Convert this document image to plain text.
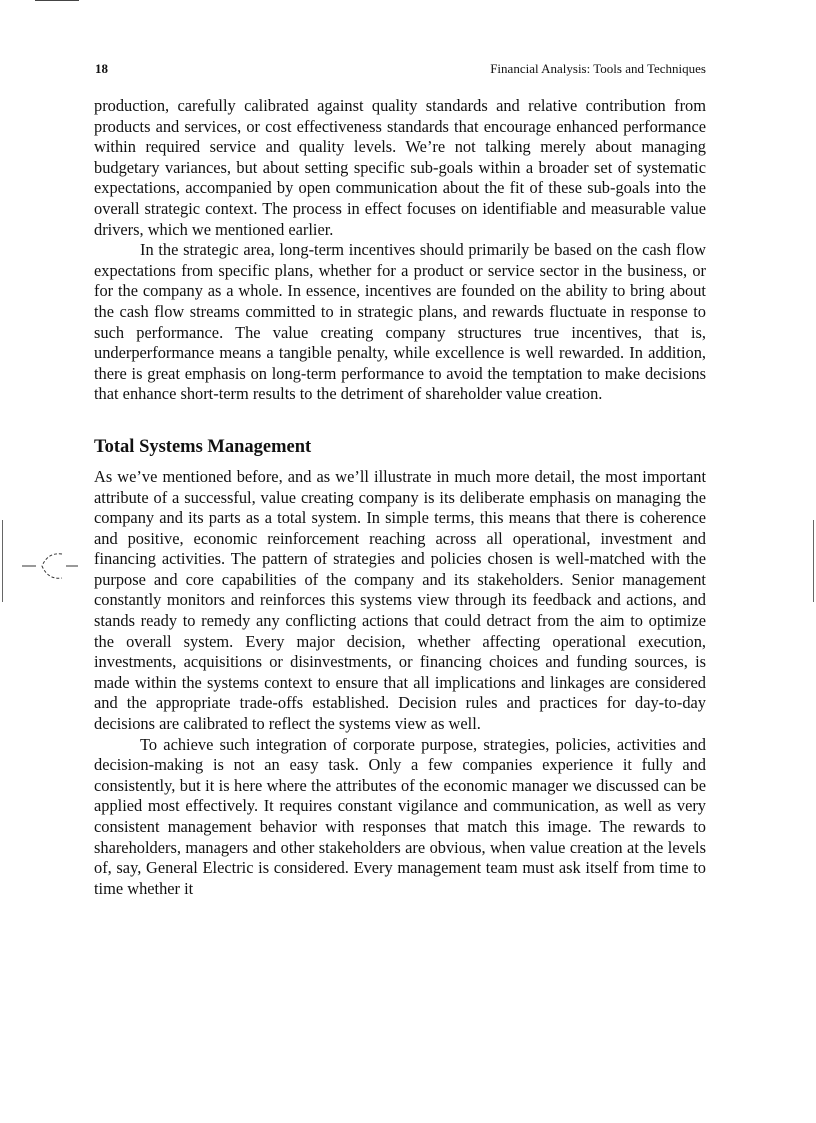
18	Financial Analysis: Tools and Techniques

production, carefully calibrated against quality standards and relative contribution from products and services, or cost effectiveness standards that encourage enhanced performance within required service and quality levels. We’re not talking merely about managing budgetary variances, but about setting specific sub-goals within a broader set of systematic expectations, accompanied by open communication about the fit of these sub-goals into the overall strategic context. The process in effect focuses on identifiable and measurable value drivers, which we mentioned earlier.

In the strategic area, long-term incentives should primarily be based on the cash flow expectations from specific plans, whether for a product or service sector in the business, or for the company as a whole. In essence, incentives are founded on the ability to bring about the cash flow streams committed to in strategic plans, and rewards fluctuate in response to such performance. The value creating company structures true incentives, that is, underperformance means a tangible penalty, while excellence is well rewarded. In addition, there is great emphasis on long-term performance to avoid the temptation to make decisions that enhance short-term results to the detriment of shareholder value creation.

Total Systems Management

As we’ve mentioned before, and as we’ll illustrate in much more detail, the most important attribute of a successful, value creating company is its deliberate emphasis on managing the company and its parts as a total system. In simple terms, this means that there is coherence and positive, economic reinforcement reaching across all operational, investment and financing activities. The pattern of strategies and policies chosen is well-matched with the purpose and core capabilities of the company and its stakeholders. Senior management constantly monitors and reinforces this systems view through its feedback and actions, and stands ready to remedy any conflicting actions that could detract from the aim to optimize the overall system. Every major decision, whether affecting operational execution, investments, acquisitions or disinvestments, or financing choices and funding sources, is made within the systems context to ensure that all implications and linkages are considered and the appropriate trade-offs established. Decision rules and practices for day-to-day decisions are calibrated to reflect the systems view as well.

To achieve such integration of corporate purpose, strategies, policies, activities and decision-making is not an easy task. Only a few companies experience it fully and consistently, but it is here where the attributes of the economic manager we discussed can be applied most effectively. It requires constant vigilance and communication, as well as very consistent management behavior with responses that match this image. The rewards to shareholders, managers and other stakeholders are obvious, when value creation at the levels of, say, General Electric is considered. Every management team must ask itself from time to time whether it
